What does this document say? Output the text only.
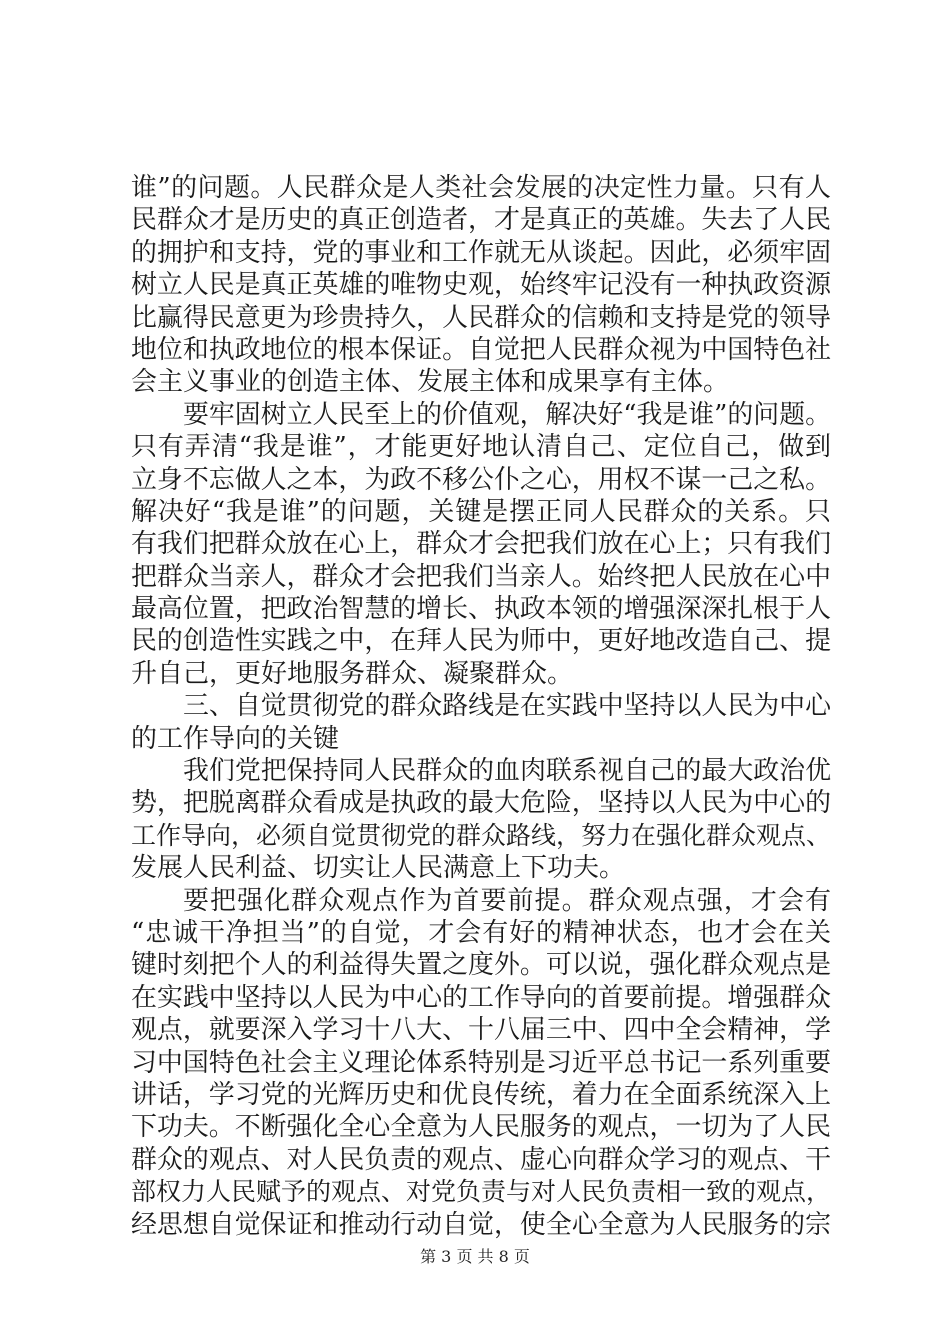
谁”的问题。人民群众是人类社会发展的决定性力量。只有人
民群众才是历史的真正创造者，才是真正的英雄。失去了人民
的拥护和支持，党的事业和工作就无从谈起。因此，必须牢固
树立人民是真正英雄的唯物史观，始终牢记没有一种执政资源
比赢得民意更为珍贵持久，人民群众的信赖和支持是党的领导
地位和执政地位的根本保证。自觉把人民群众视为中国特色社
会主义事业的创造主体、发展主体和成果享有主体。
要牢固树立人民至上的价值观，解决好“我是谁”的问题。
只有弄清“我是谁”，才能更好地认清自己、定位自己，做到
立身不忘做人之本，为政不移公仆之心，用权不谋一己之私。
解决好“我是谁”的问题，关键是摆正同人民群众的关系。只
有我们把群众放在心上，群众才会把我们放在心上；只有我们
把群众当亲人，群众才会把我们当亲人。始终把人民放在心中
最高位置，把政治智慧的增长、执政本领的增强深深扎根于人
民的创造性实践之中，在拜人民为师中，更好地改造自己、提
升自己，更好地服务群众、凝聚群众。
三、自觉贯彻党的群众路线是在实践中坚持以人民为中心
的工作导向的关键
我们党把保持同人民群众的血肉联系视自己的最大政治优
势，把脱离群众看成是执政的最大危险，坚持以人民为中心的
工作导向，必须自觉贯彻党的群众路线，努力在强化群众观点、
发展人民利益、切实让人民满意上下功夫。
要把强化群众观点作为首要前提。群众观点强，才会有
“忠诚干净担当”的自觉，才会有好的精神状态，也才会在关
键时刻把个人的利益得失置之度外。可以说，强化群众观点是
在实践中坚持以人民为中心的工作导向的首要前提。增强群众
观点，就要深入学习十八大、十八届三中、四中全会精神，学
习中国特色社会主义理论体系特别是习近平总书记一系列重要
讲话，学习党的光辉历史和优良传统，着力在全面系统深入上
下功夫。不断强化全心全意为人民服务的观点，一切为了人民
群众的观点、对人民负责的观点、虚心向群众学习的观点、干
部权力人民赋予的观点、对党负责与对人民负责相一致的观点，
经思想自觉保证和推动行动自觉，使全心全意为人民服务的宗
第 3 页 共 8 页
